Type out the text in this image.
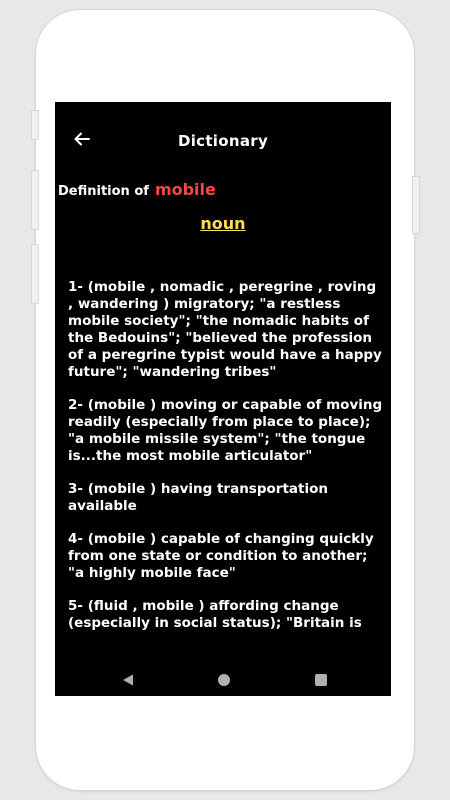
Dictionary
Definition of mobile
noun

1- (mobile , nomadic , peregrine , roving , wandering ) migratory; "a restless mobile society"; "the nomadic habits of the Bedouins"; "believed the profession of a peregrine typist would have a happy future"; "wandering tribes"

2- (mobile ) moving or capable of moving readily (especially from place to place); "a mobile missile system"; "the tongue is...the most mobile articulator"

3- (mobile ) having transportation available

4- (mobile ) capable of changing quickly from one state or condition to another; "a highly mobile face"

5- (fluid , mobile ) affording change (especially in social status); "Britain is
